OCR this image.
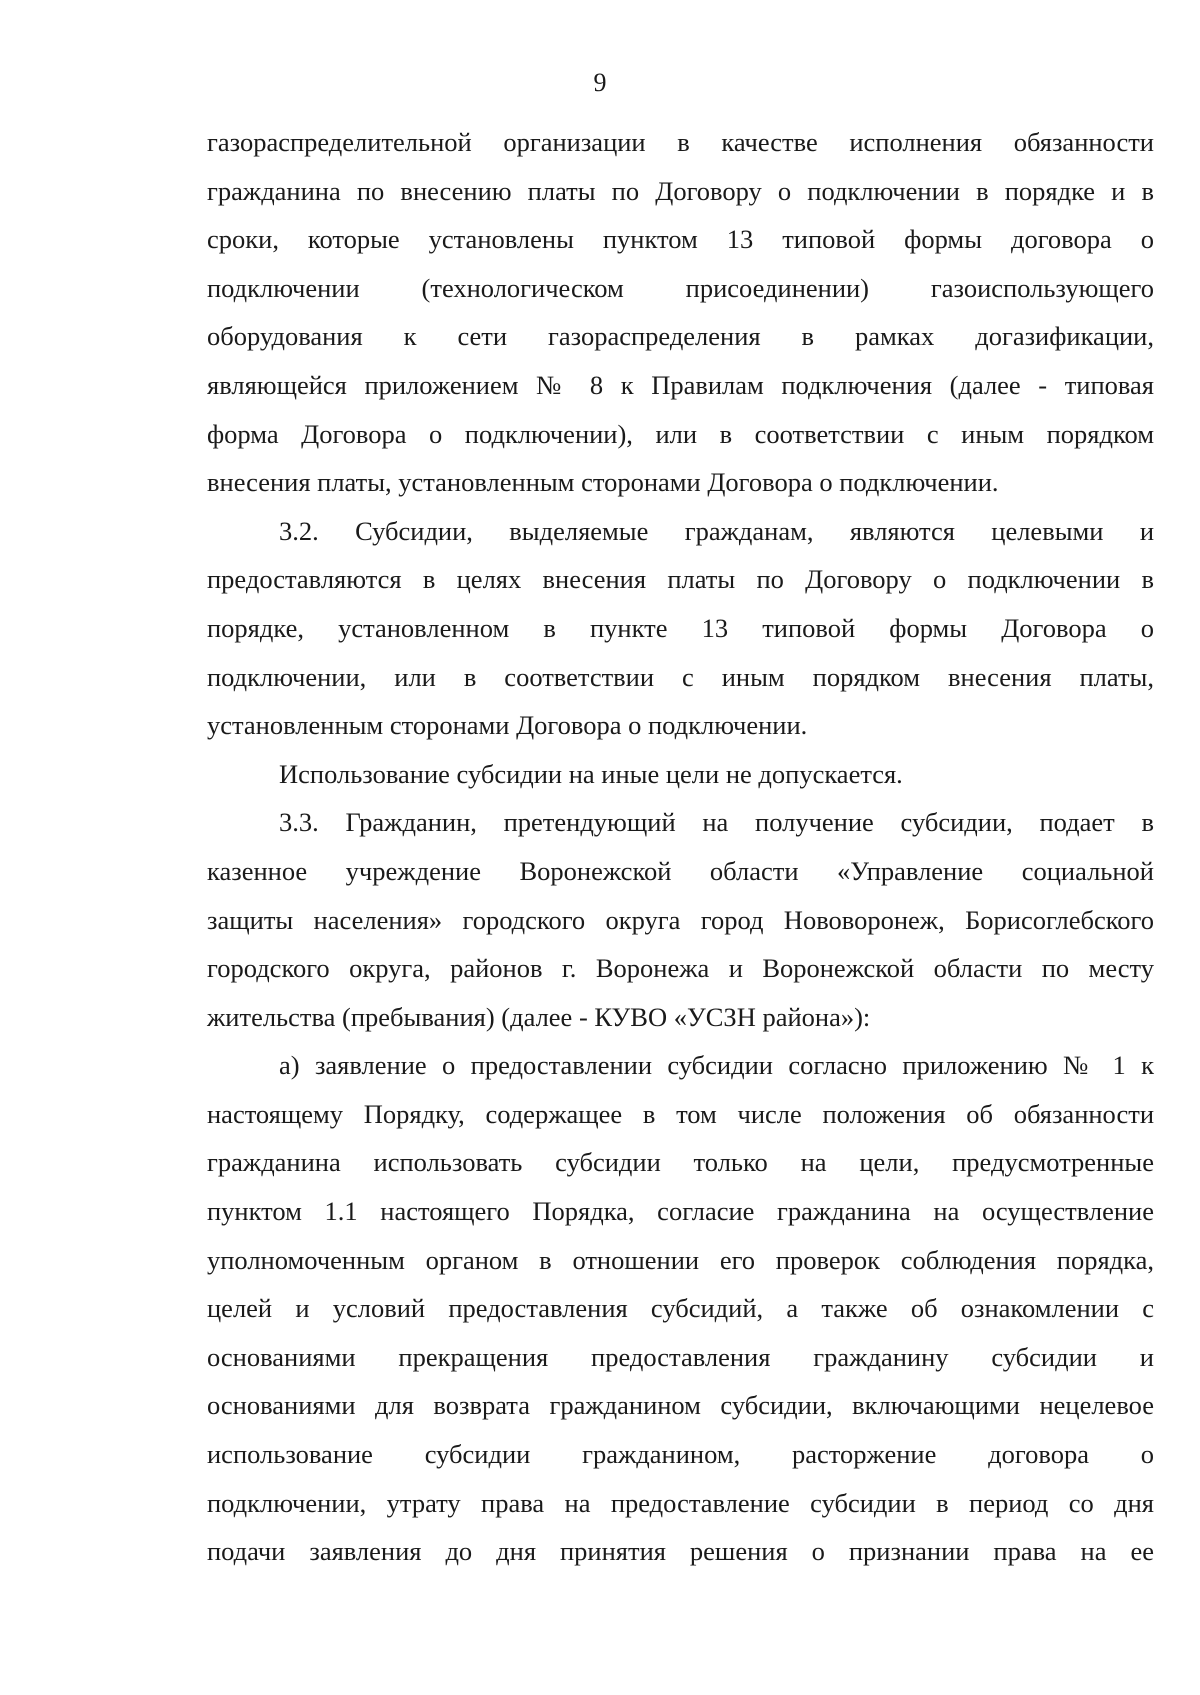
9
газораспределительной организации в качестве исполнения обязанности
гражданина по внесению платы по Договору о подключении в порядке и в
сроки, которые установлены пунктом 13 типовой формы договора о
подключении (технологическом присоединении) газоиспользующего
оборудования к сети газораспределения в рамках догазификации,
являющейся приложением № 8 к Правилам подключения (далее - типовая
форма Договора о подключении), или в соответствии с иным порядком
внесения платы, установленным сторонами Договора о подключении.
3.2. Субсидии, выделяемые гражданам, являются целевыми и
предоставляются в целях внесения платы по Договору о подключении в
порядке, установленном в пункте 13 типовой формы Договора о
подключении, или в соответствии с иным порядком внесения платы,
установленным сторонами Договора о подключении.
Использование субсидии на иные цели не допускается.
3.3. Гражданин, претендующий на получение субсидии, подает в
казенное учреждение Воронежской области «Управление социальной
защиты населения» городского округа город Нововоронеж, Борисоглебского
городского округа, районов г. Воронежа и Воронежской области по месту
жительства (пребывания) (далее - КУВО «УСЗН района»):
а) заявление о предоставлении субсидии согласно приложению № 1 к
настоящему Порядку, содержащее в том числе положения об обязанности
гражданина использовать субсидии только на цели, предусмотренные
пунктом 1.1 настоящего Порядка, согласие гражданина на осуществление
уполномоченным органом в отношении его проверок соблюдения порядка,
целей и условий предоставления субсидий, а также об ознакомлении с
основаниями прекращения предоставления гражданину субсидии и
основаниями для возврата гражданином субсидии, включающими нецелевое
использование субсидии гражданином, расторжение договора о
подключении, утрату права на предоставление субсидии в период со дня
подачи заявления до дня принятия решения о признании права на ее
